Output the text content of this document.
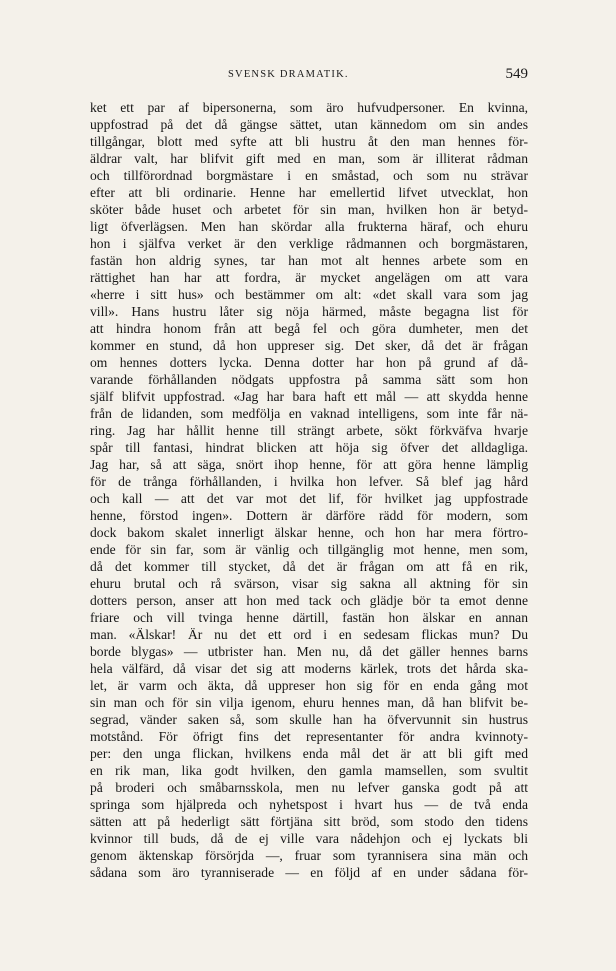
SVENSK DRAMATIK.	549
ket ett par af bipersonerna, som äro hufvudpersoner. En kvinna,
uppfostrad på det då gängse sättet, utan kännedom om sin andes
tillgångar, blott med syfte att bli hustru åt den man hennes för-
äldrar valt, har blifvit gift med en man, som är illiterat rådman
och tillförordnad borgmästare i en småstad, och som nu strävar
efter att bli ordinarie. Henne har emellertid lifvet utvecklat, hon
sköter både huset och arbetet för sin man, hvilken hon är betyd-
ligt öfverlägsen. Men han skördar alla frukterna häraf, och ehuru
hon i själfva verket är den verklige rådmannen och borgmästaren,
fastän hon aldrig synes, tar han mot alt hennes arbete som en
rättighet han har att fordra, är mycket angelägen om att vara
«herre i sitt hus» och bestämmer om alt: «det skall vara som jag
vill». Hans hustru låter sig nöja härmed, måste begagna list för
att hindra honom från att begå fel och göra dumheter, men det
kommer en stund, då hon uppreser sig. Det sker, då det är frågan
om hennes dotters lycka. Denna dotter har hon på grund af då-
varande förhållanden nödgats uppfostra på samma sätt som hon
själf blifvit uppfostrad. «Jag har bara haft ett mål — att skydda henne
från de lidanden, som medfölja en vaknad intelligens, som inte får nä-
ring. Jag har hållit henne till strängt arbete, sökt förkväfva hvarje
spår till fantasi, hindrat blicken att höja sig öfver det alldagliga.
Jag har, så att säga, snört ihop henne, för att göra henne lämplig
för de trånga förhållanden, i hvilka hon lefver. Så blef jag hård
och kall — att det var mot det lif, för hvilket jag uppfostrade
henne, förstod ingen». Dottern är därföre rädd för modern, som
dock bakom skalet innerligt älskar henne, och hon har mera förtro-
ende för sin far, som är vänlig och tillgänglig mot henne, men som,
då det kommer till stycket, då det är frågan om att få en rik,
ehuru brutal och rå svärson, visar sig sakna all aktning för sin
dotters person, anser att hon med tack och glädje bör ta emot denne
friare och vill tvinga henne därtill, fastän hon älskar en annan
man. «Älskar! Är nu det ett ord i en sedesam flickas mun? Du
borde blygas» — utbrister han. Men nu, då det gäller hennes barns
hela välfärd, då visar det sig att moderns kärlek, trots det hårda ska-
let, är varm och äkta, då uppreser hon sig för en enda gång mot
sin man och för sin vilja igenom, ehuru hennes man, då han blifvit be-
segrad, vänder saken så, som skulle han ha öfvervunnit sin hustrus
motstånd. För öfrigt fins det representanter för andra kvinnoty-
per: den unga flickan, hvilkens enda mål det är att bli gift med
en rik man, lika godt hvilken, den gamla mamsellen, som svultit
på broderi och småbarnsskola, men nu lefver ganska godt på att
springa som hjälpreda och nyhetspost i hvart hus — de två enda
sätten att på hederligt sätt förtjäna sitt bröd, som stodo den tidens
kvinnor till buds, då de ej ville vara nådehjon och ej lyckats bli
genom äktenskap försörjda —, fruar som tyrannisera sina män och
sådana som äro tyranniserade — en följd af en under sådana för-
